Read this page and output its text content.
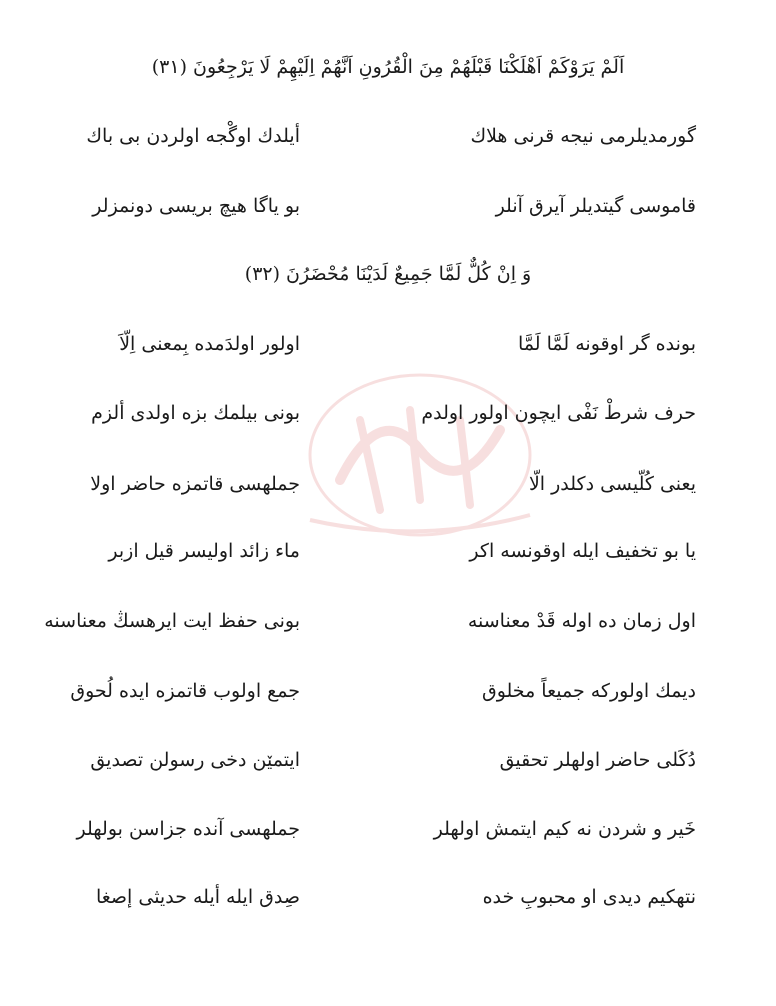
اَلَمْ يَرَوْكَمْ اَهْلَكْنَا قَبْلَهُمْ مِنَ الْقُرُونِ اَنَّهُمْ اِلَيْهِمْ لَا يَرْجِعُونَ (۳۱)
گورمديلرمى نيجه قرنى هلاك
أيلدك اوگْجه اولردن بى باك
قاموسى گيتديلر آيرق آنلر
بو ياگا هيچ بريسى دونمزلر
وَ اِنْ كُلٌّ لَمَّا جَمِيعٌ لَدَيْنَا مُحْضَرُنَ (۳۲)
بونده گر اوقونه لَمَّا لَمَّا
اولور اولدَمده بِمعنى اِلّاَ
حرف شرطْ نَفْى ايچون اولور اولدم
بونى بيلمك بزه اولدى ألزم
يعنى كُلّيسى دكلدر الّا
جملهسى قاتمزه حاضر اولا
يا بو تخفيف ايله اوقونسه اكر
ماء زائد اوليسر قيل ازبر
اول زمان ده اوله قَدْ معناسنه
بونى حفظ ايت ايرهسڭ معناسنه
ديمك اولوركه جميعاً مخلوق
جمع اولوب قاتمزه ايده لُحوق
دُكَلى حاضر اولهلر تحقيق
ايتمێن دخى رسولن تصديق
خَير و شردن نه كيم ايتمش اولهلر
جملهسى آنده جزاسن بولهلر
نتهكيم ديدى او محبوبِ خده
صِدق ايله أيله حديثى إصغا
